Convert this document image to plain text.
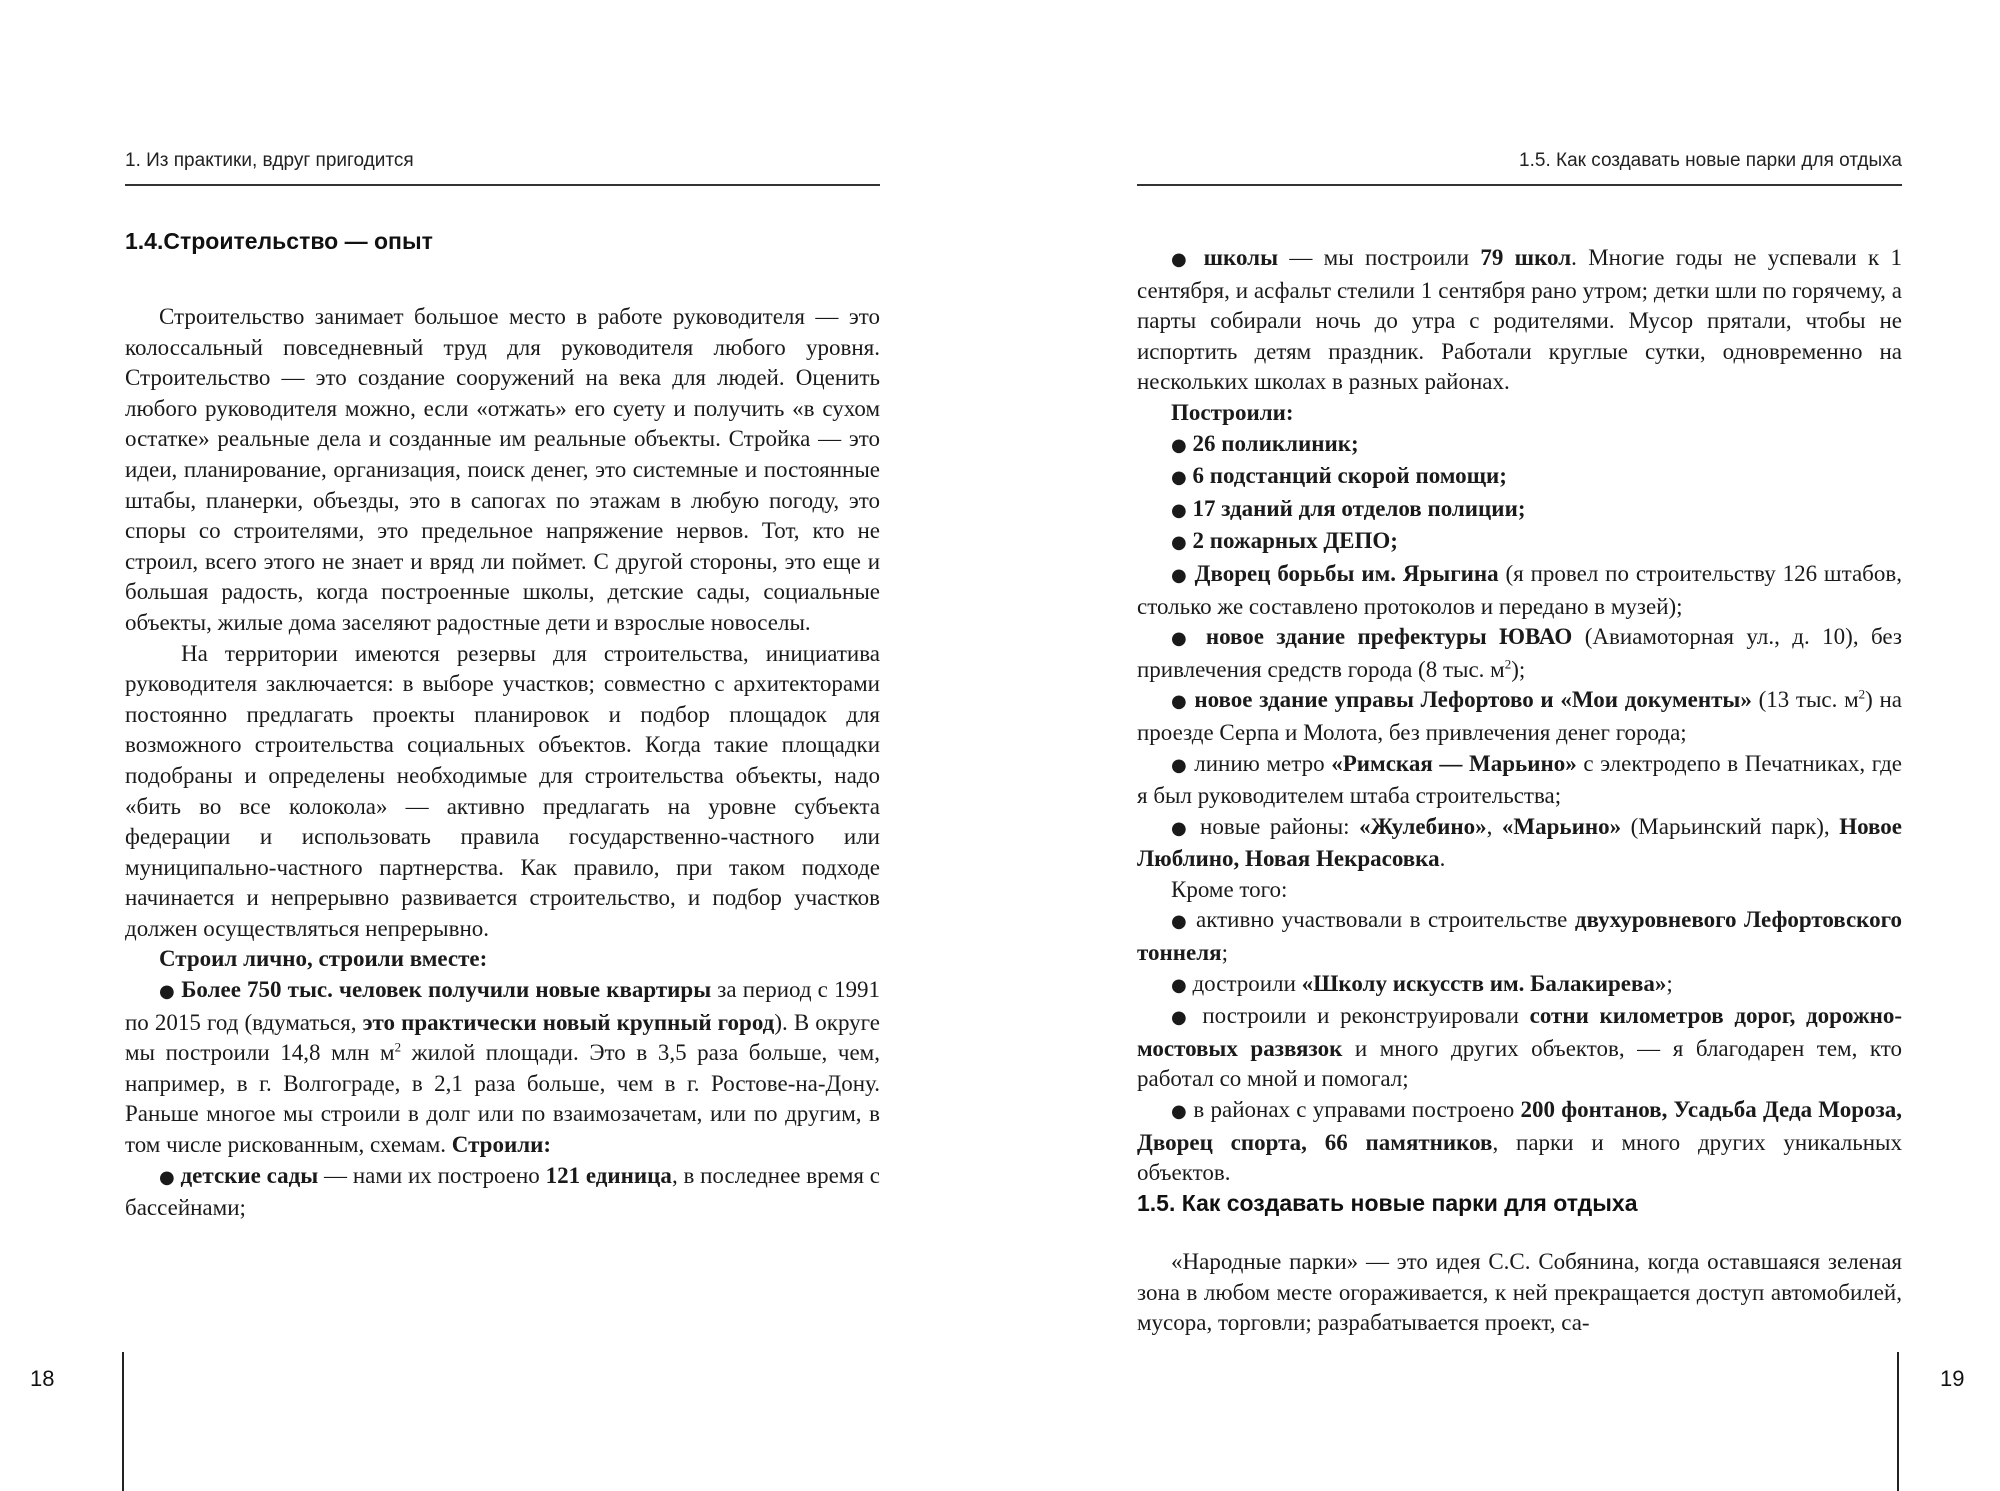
1. Из практики, вдруг пригодится
1.4.Строительство — опыт

Строительство занимает большое место в работе руководителя — это колоссальный повседневный труд для руководителя любого уровня. Строительство — это создание сооружений на века для людей. Оценить любого руководителя можно, если «отжать» его суету и получить «в сухом остатке» реальные дела и созданные им реальные объекты. Стройка — это идеи, планирование, организация, поиск денег, это системные и постоянные штабы, планерки, объезды, это в сапогах по этажам в любую погоду, это споры со строителями, это предельное напряжение нервов. Тот, кто не строил, всего этого не знает и вряд ли поймет. С другой стороны, это еще и большая радость, когда построенные школы, детские сады, социальные объекты, жилые дома заселяют радостные дети и взрослые новоселы.

На территории имеются резервы для строительства, инициатива руководителя заключается: в выборе участков; совместно с архитекторами постоянно предлагать проекты планировок и подбор площадок для возможного строительства социальных объектов. Когда такие площадки подобраны и определены необходимые для строительства объекты, надо «бить во все колокола» — активно предлагать на уровне субъекта федерации и использовать правила государственно-частного или муниципально-частного партнерства. Как правило, при таком подходе начинается и непрерывно развивается строительство, и подбор участков должен осуществляться непрерывно.

Строил лично, строили вместе:

● Более 750 тыс. человек получили новые квартиры за период с 1991 по 2015 год (вдуматься, это практически новый крупный город). В округе мы построили 14,8 млн $м^2$ жилой площади. Это в 3,5 раза больше, чем, например, в г. Волгограде, в 2,1 раза больше, чем в г. Ростове-на-Дону. Раньше многое мы строили в долг или по взаимозачетам, или по другим, в том числе рискованным, схемам. Строили:

● детские сады — нами их построено 121 единица, в последнее время с бассейнами;

18
1.5. Как создавать новые парки для отдыха

● школы — мы построили 79 школ. Многие годы не успевали к 1 сентября, и асфальт стелили 1 сентября рано утром; детки шли по горячему, а парты собирали ночь до утра с родителями. Мусор прятали, чтобы не испортить детям праздник. Работали круглые сутки, одновременно на нескольких школах в разных районах.

Построили:

● 26 поликлиник;

● 6 подстанций скорой помощи;

● 17 зданий для отделов полиции;

● 2 пожарных ДЕПО;

● Дворец борьбы им. Ярыгина (я провел по строительству 126 штабов, столько же составлено протоколов и передано в музей);

● новое здание префектуры ЮВАО (Авиамоторная ул., д. 10), без привлечения средств города (8 тыс. $м^2$);

● новое здание управы Лефортово и «Мои документы» (13 тыс. $м^2$) на проезде Серпа и Молота, без привлечения денег города;

● линию метро «Римская — Марьино» с электродепо в Печатниках, где я был руководителем штаба строительства;

● новые районы: «Жулебино», «Марьино» (Марьинский парк), Новое Люблино, Новая Некрасовка.

Кроме того:

● активно участвовали в строительстве двухуровневого Лефортовского тоннеля;

● достроили «Школу искусств им. Балакирева»;

● построили и реконструировали сотни километров дорог, дорожно-мостовых развязок и много других объектов, — я благодарен тем, кто работал со мной и помогал;

● в районах с управами построено 200 фонтанов, Усадьба Деда Мороза, Дворец спорта, 66 памятников, парки и много других уникальных объектов.

1.5. Как создавать новые парки для отдыха

«Народные парки» — это идея С.С. Собянина, когда оставшаяся зеленая зона в любом месте огораживается, к ней прекращается доступ автомобилей, мусора, торговли; разрабатывается проект, са-

19
